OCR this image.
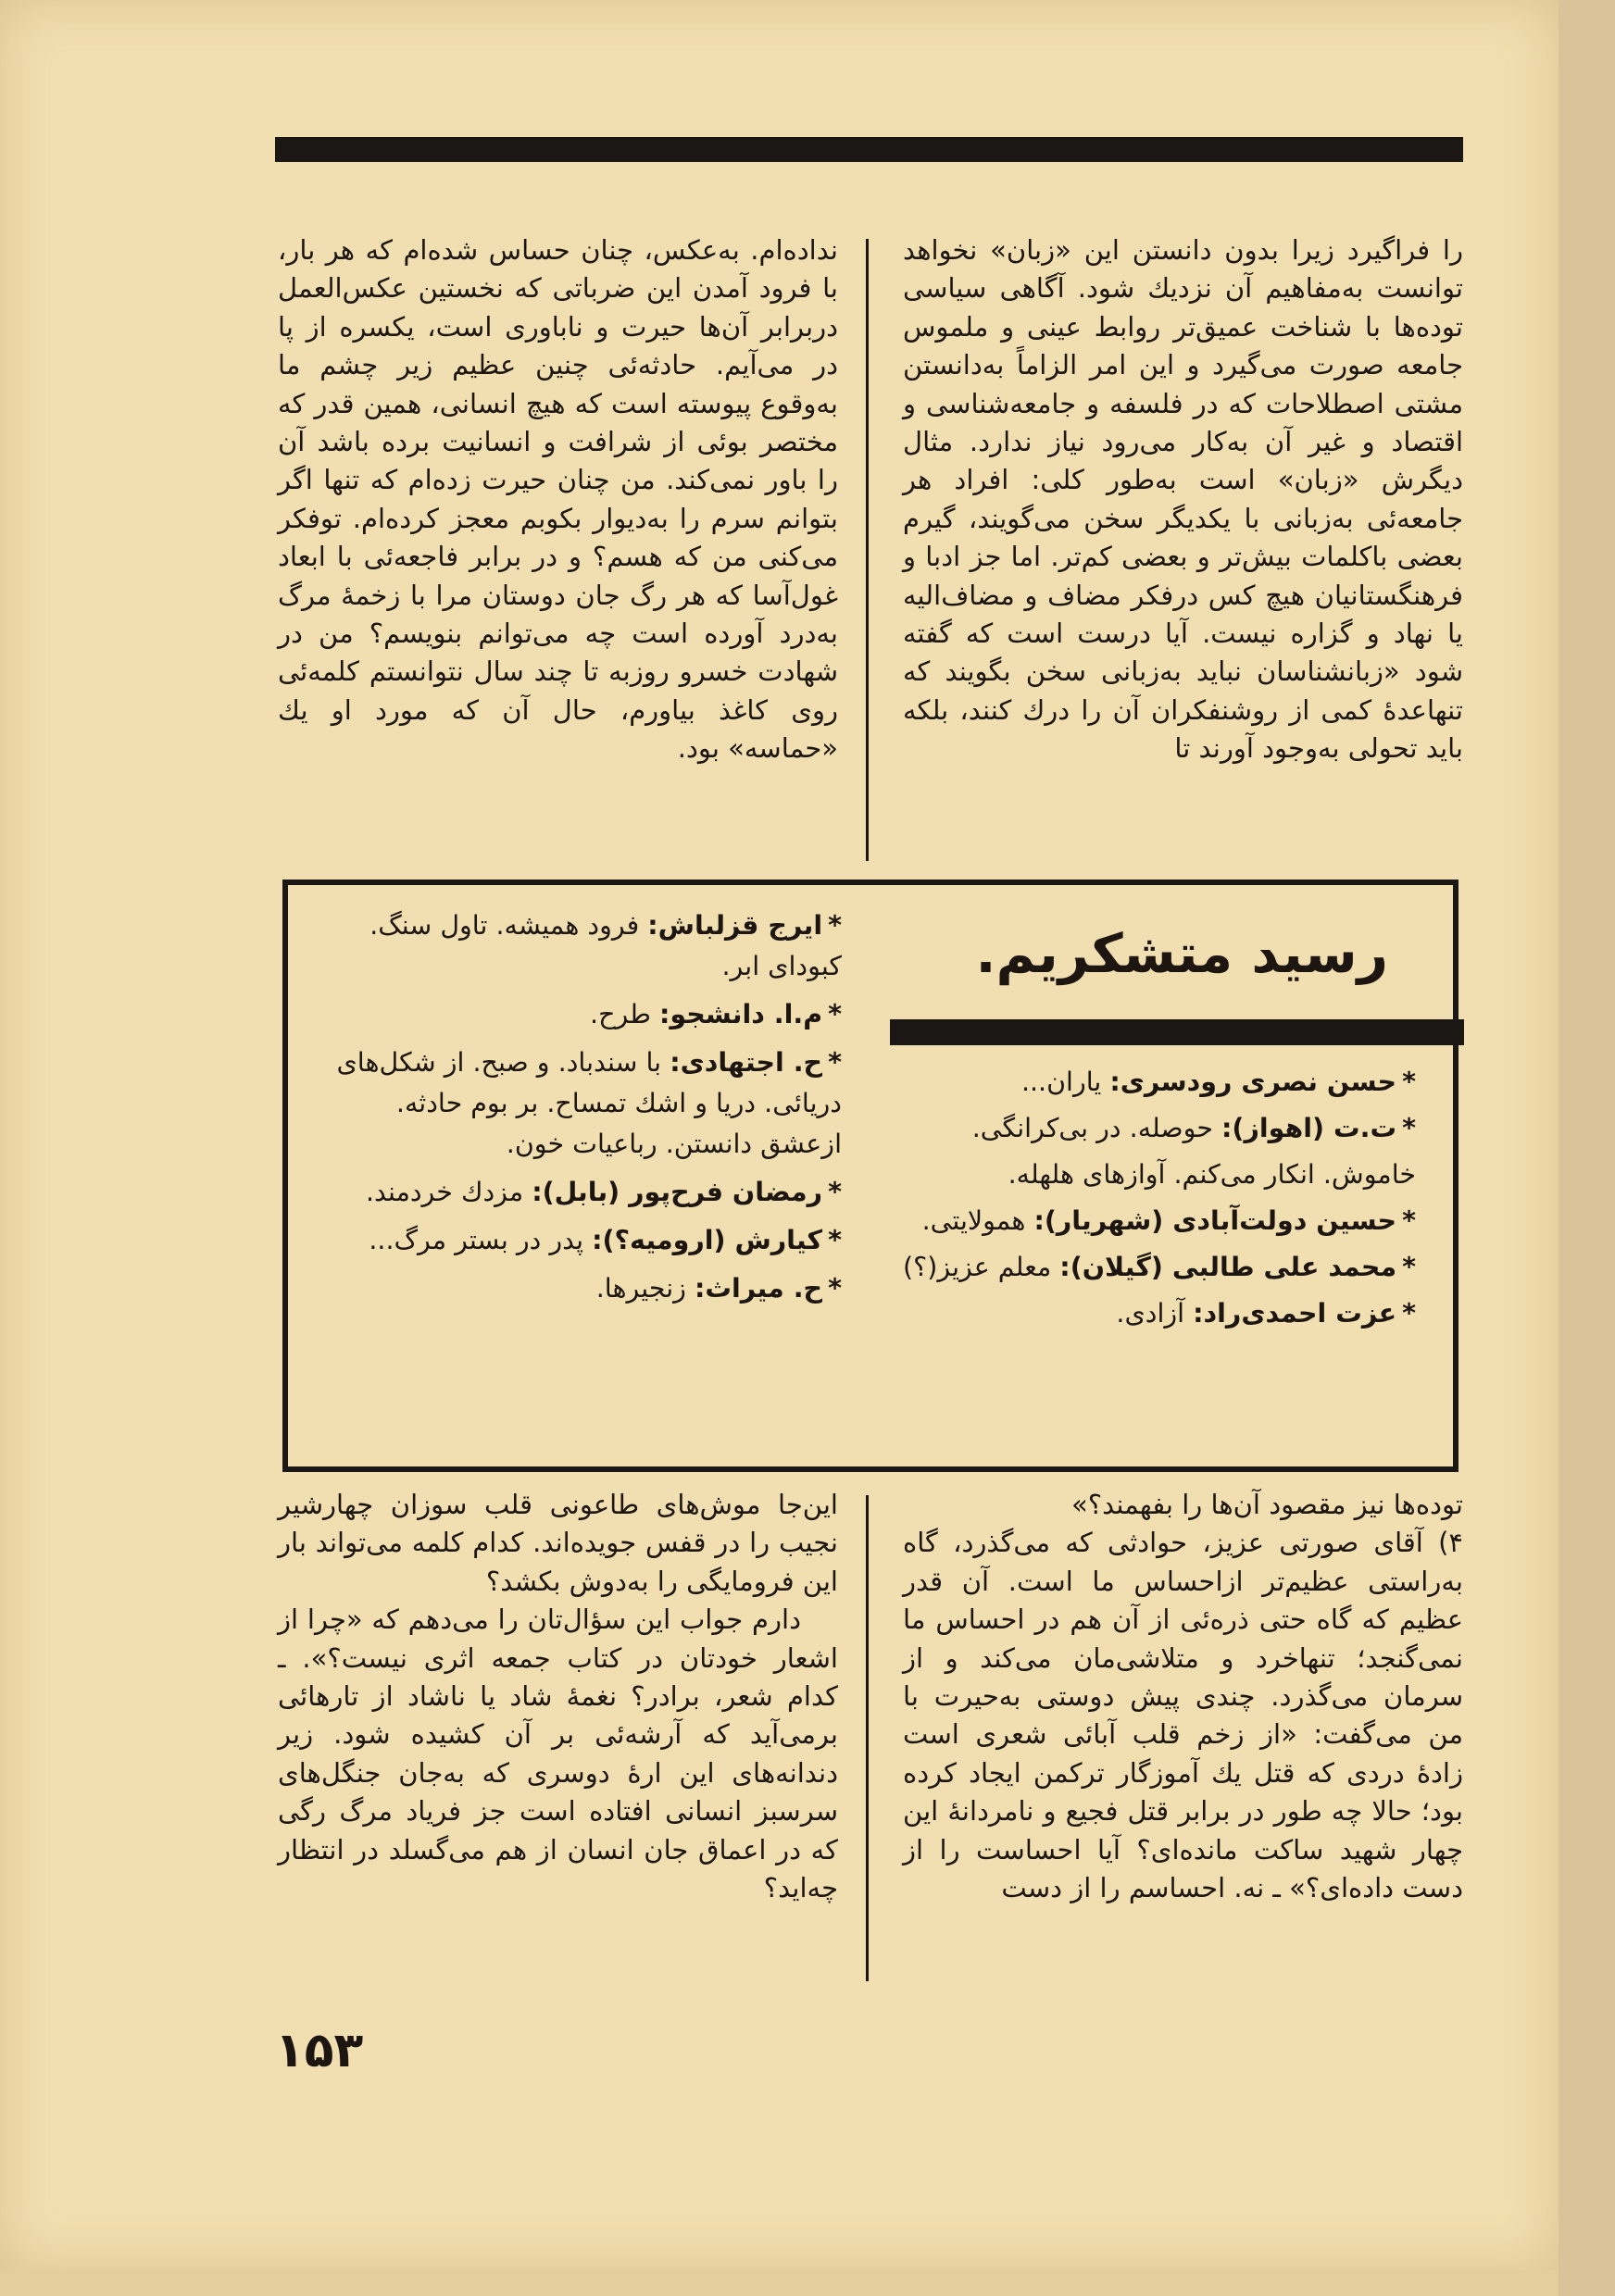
را فراگیرد زیرا بدون دانستن این «زبان» نخواهد توانست به‌مفاهیم آن نزدیك شود. آگاهی سیاسی توده‌ها با شناخت عمیق‌تر روابط عینی و ملموس جامعه صورت می‌گیرد و این امر الزاماً به‌دانستن مشتی اصطلاحات که در فلسفه و جامعه‌شناسی و اقتصاد و غیر آن به‌کار می‌رود نیاز ندارد. مثال دیگرش «زبان» است به‌طور کلی: افراد هر جامعه‌ئی به‌زبانی با یکدیگر سخن می‌گویند، گیرم بعضی باکلمات بیش‌تر و بعضی کم‌تر. اما جز ادبا و فرهنگستانیان هیچ کس درفکر مضاف و مضاف‌الیه یا نهاد و گزاره نیست. آیا درست است که گفته شود «زبانشناسان نباید به‌زبانی سخن بگویند که تنهاعدهٔ کمی از روشنفکران آن را درك کنند، بلکه باید تحولی به‌وجود آورند تا

نداده‌ام. به‌عکس، چنان حساس شده‌ام که هر بار، با فرود آمدن این ضرباتی که نخستین عکس‌العمل دربرابر آن‌ها حیرت و ناباوری است، یکسره از پا در می‌آیم. حادثه‌ئی چنین عظیم زیر چشم ما به‌وقوع پیوسته است که هیچ انسانی، همین قدر که مختصر بوئی از شرافت و انسانیت برده باشد آن را باور نمی‌کند. من چنان حیرت زده‌ام که تنها اگر بتوانم سرم را به‌دیوار بکوبم معجز کرده‌ام. توفکر می‌کنی من که هسم؟ و در برابر فاجعه‌ئی با ابعاد غول‌آسا که هر رگ جان دوستان مرا با زخمهٔ مرگ به‌درد آورده است چه می‌توانم بنویسم؟ من در شهادت خسرو روزبه تا چند سال نتوانستم کلمه‌ئی روی کاغذ بیاورم، حال آن که مورد او یك «حماسه» بود.

رسید متشکریم.
*حسن نصری رودسری: یاران...
*ت.ت (اهواز): حوصله. در بی‌کرانگی. خاموش. انکار می‌کنم. آوازهای هلهله.
*حسین دولت‌آبادی (شهریار): همولایتی.
*محمد علی طالبی (گیلان): معلم عزیز(؟)
*عزت احمدی‌راد: آزادی.
*ایرج قزلباش: فرود همیشه. تاول سنگ. کبودای ابر.
*م.ا. دانشجو: طرح.
*ح. اجتهادی: با سندباد. و صبح. از شکل‌های دریائی. دریا و اشك تمساح. بر بوم حادثه. ازعشق دانستن. رباعیات خون.
*رمضان فرح‌پور (بابل): مزدك خردمند.
*کیارش (ارومیه؟): پدر در بستر مرگ...
*ح. میراث: زنجیرها.

توده‌ها نیز مقصود آن‌ها را بفهمند؟»

۴) آقای صورتی عزیز، حوادثی که می‌گذرد، گاه به‌راستی عظیم‌تر ازاحساس ما است. آن قدر عظیم که گاه حتی ذره‌ئی از آن هم در احساس ما نمی‌گنجد؛ تنهاخرد و متلاشی‌مان می‌کند و از سرمان می‌گذرد. چندی پیش دوستی به‌حیرت با من می‌گفت: «از زخم قلب آبائی شعری است زادهٔ دردی که قتل یك آموزگار ترکمن ایجاد کرده بود؛ حالا چه طور در برابر قتل فجیع و نامردانهٔ این چهار شهید ساکت مانده‌ای؟ آیا احساست را از دست داده‌ای؟» ـ نه. احساسم را از دست

این‌جا موش‌های طاعونی قلب سوزان چهارشیر نجیب را در قفس جویده‌اند. کدام کلمه می‌تواند بار این فرومایگی را به‌دوش بکشد؟

دارم جواب این سؤال‌تان را می‌دهم که «چرا از اشعار خودتان در کتاب جمعه اثری نیست؟». ـ کدام شعر، برادر؟ نغمهٔ شاد یا ناشاد از تارهائی برمی‌آید که آرشه‌ئی بر آن کشیده شود. زیر دندانه‌های این ارهٔ دوسری که به‌جان جنگل‌های سرسبز انسانی افتاده است جز فریاد مرگ رگی که در اعماق جان انسان از هم می‌گسلد در انتظار چه‌اید؟

۱۵۳
